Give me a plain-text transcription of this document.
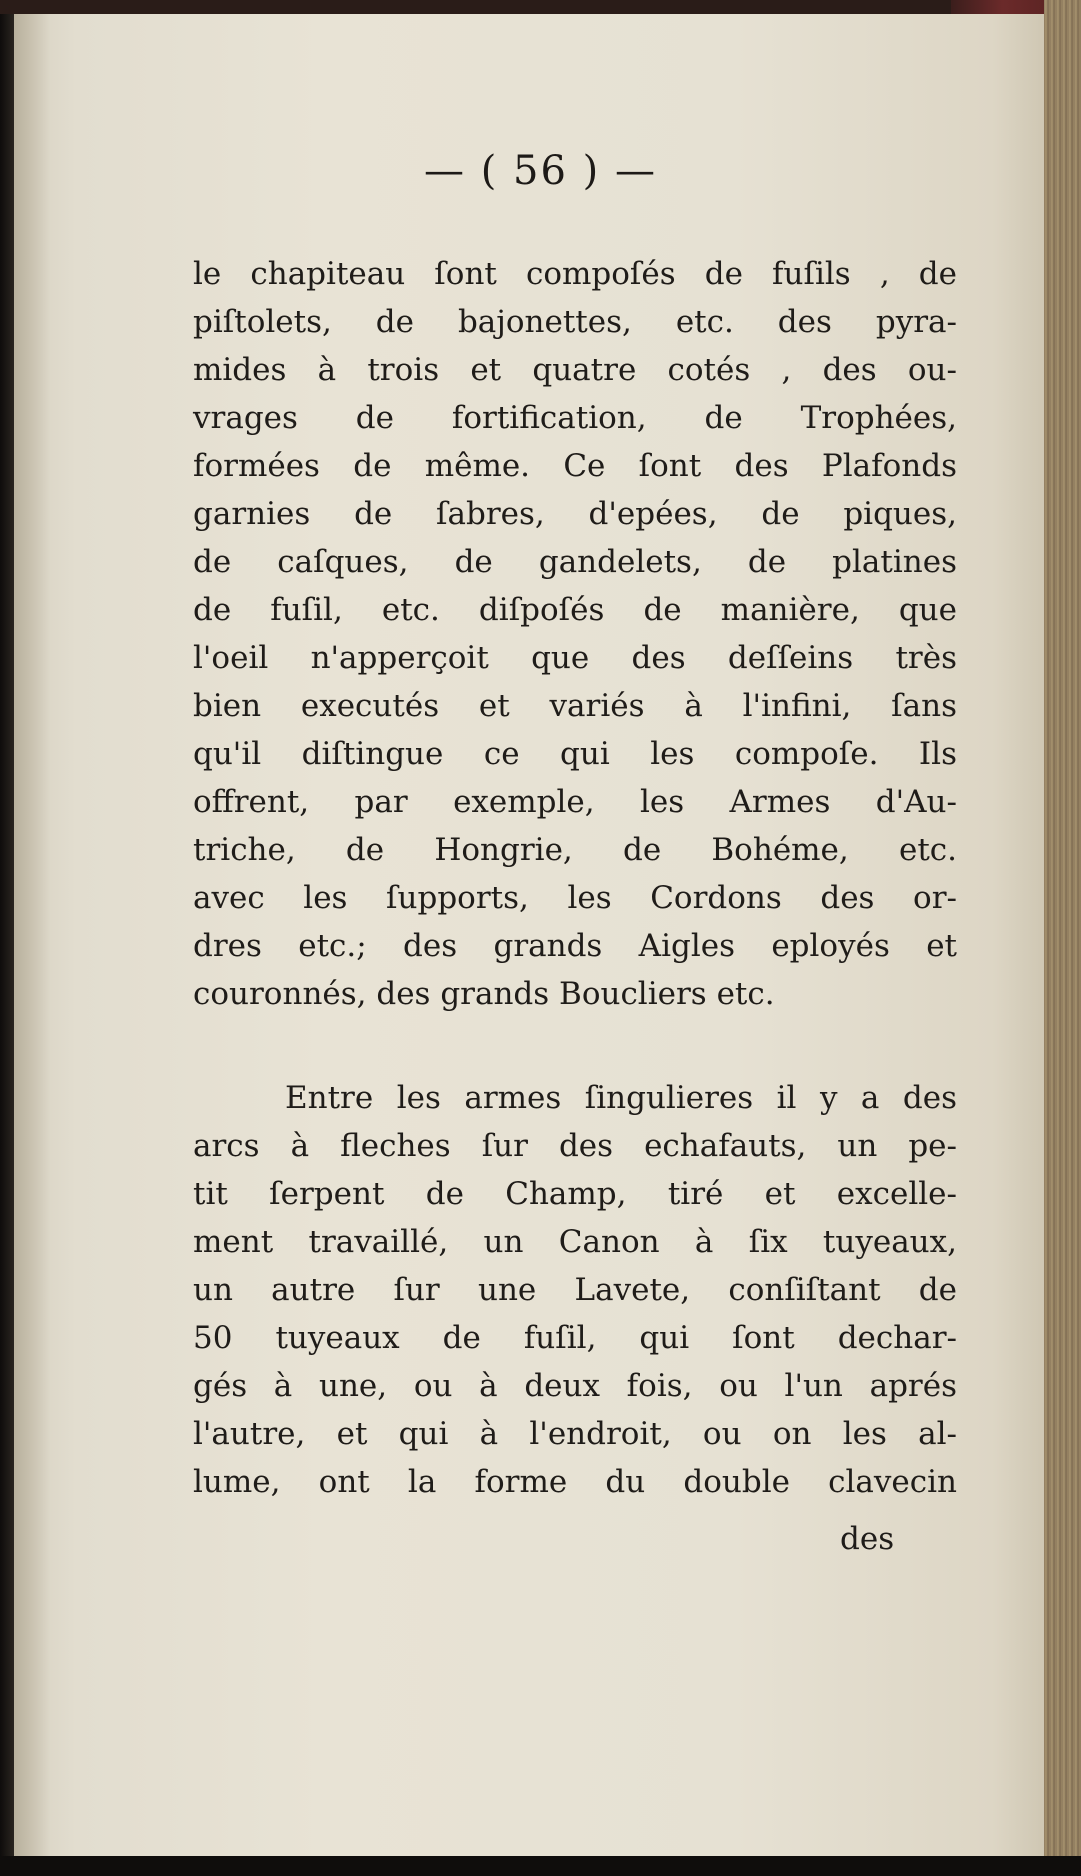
— ( 56 ) —
le chapiteau ſont compoſés de fuſils , de
piſtolets, de bajonettes, etc. des pyra-
mides à trois et quatre cotés , des ou-
vrages de fortification, de Trophées,
formées de même. Ce ſont des Plafonds
garnies de ſabres, d'epées, de piques,
de caſques, de gandelets, de platines
de fuſil, etc. diſpoſés de manière, que
l'oeil n'apperçoit que des deſſeins très
bien executés et variés à l'infini, ſans
qu'il diſtingue ce qui les compoſe. Ils
offrent, par exemple, les Armes d'Au-
triche, de Hongrie, de Bohéme, etc.
avec les ſupports, les Cordons des or-
dres etc.; des grands Aigles eployés et
couronnés, des grands Boucliers etc.
Entre les armes ſingulieres il y a des
arcs à fleches ſur des echafauts, un pe-
tit ſerpent de Champ, tiré et excelle-
ment travaillé, un Canon à ſix tuyeaux,
un autre ſur une Lavete, conſiſtant de
50 tuyeaux de fuſil, qui ſont dechar-
gés à une, ou à deux fois, ou l'un aprés
l'autre, et qui à l'endroit, ou on les al-
lume, ont la forme du double clavecin
des
